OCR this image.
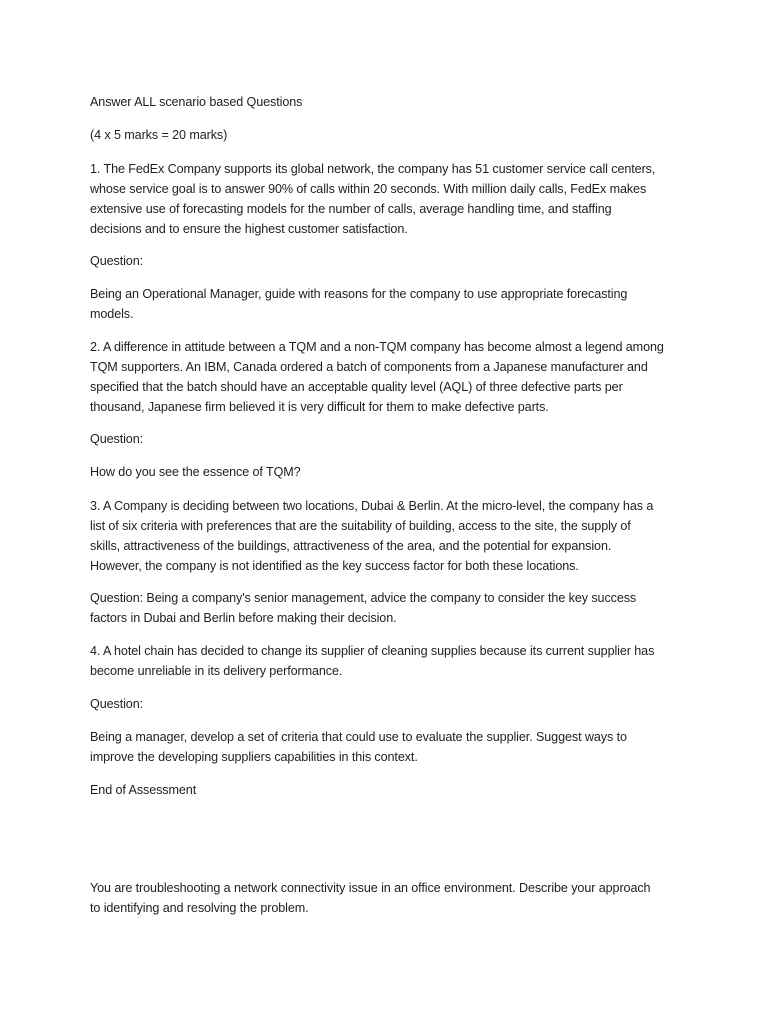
Answer ALL scenario based Questions

(4 x 5 marks = 20 marks)

1. The FedEx Company supports its global network, the company has 51 customer service call centers,
whose service goal is to answer 90% of calls within 20 seconds. With million daily calls, FedEx makes
extensive use of forecasting models for the number of calls, average handling time, and staffing
decisions and to ensure the highest customer satisfaction.

Question:

Being an Operational Manager, guide with reasons for the company to use appropriate forecasting
models.

2. A difference in attitude between a TQM and a non-TQM company has become almost a legend among
TQM supporters. An IBM, Canada ordered a batch of components from a Japanese manufacturer and
specified that the batch should have an acceptable quality level (AQL) of three defective parts per
thousand, Japanese firm believed it is very difficult for them to make defective parts.

Question:

How do you see the essence of TQM?

3. A Company is deciding between two locations, Dubai & Berlin. At the micro-level, the company has a
list of six criteria with preferences that are the suitability of building, access to the site, the supply of
skills, attractiveness of the buildings, attractiveness of the area, and the potential for expansion.
However, the company is not identified as the key success factor for both these locations.

Question: Being a company's senior management, advice the company to consider the key success
factors in Dubai and Berlin before making their decision.

4. A hotel chain has decided to change its supplier of cleaning supplies because its current supplier has
become unreliable in its delivery performance.

Question:

Being a manager, develop a set of criteria that could use to evaluate the supplier. Suggest ways to
improve the developing suppliers capabilities in this context.

End of Assessment

You are troubleshooting a network connectivity issue in an office environment. Describe your approach
to identifying and resolving the problem.
